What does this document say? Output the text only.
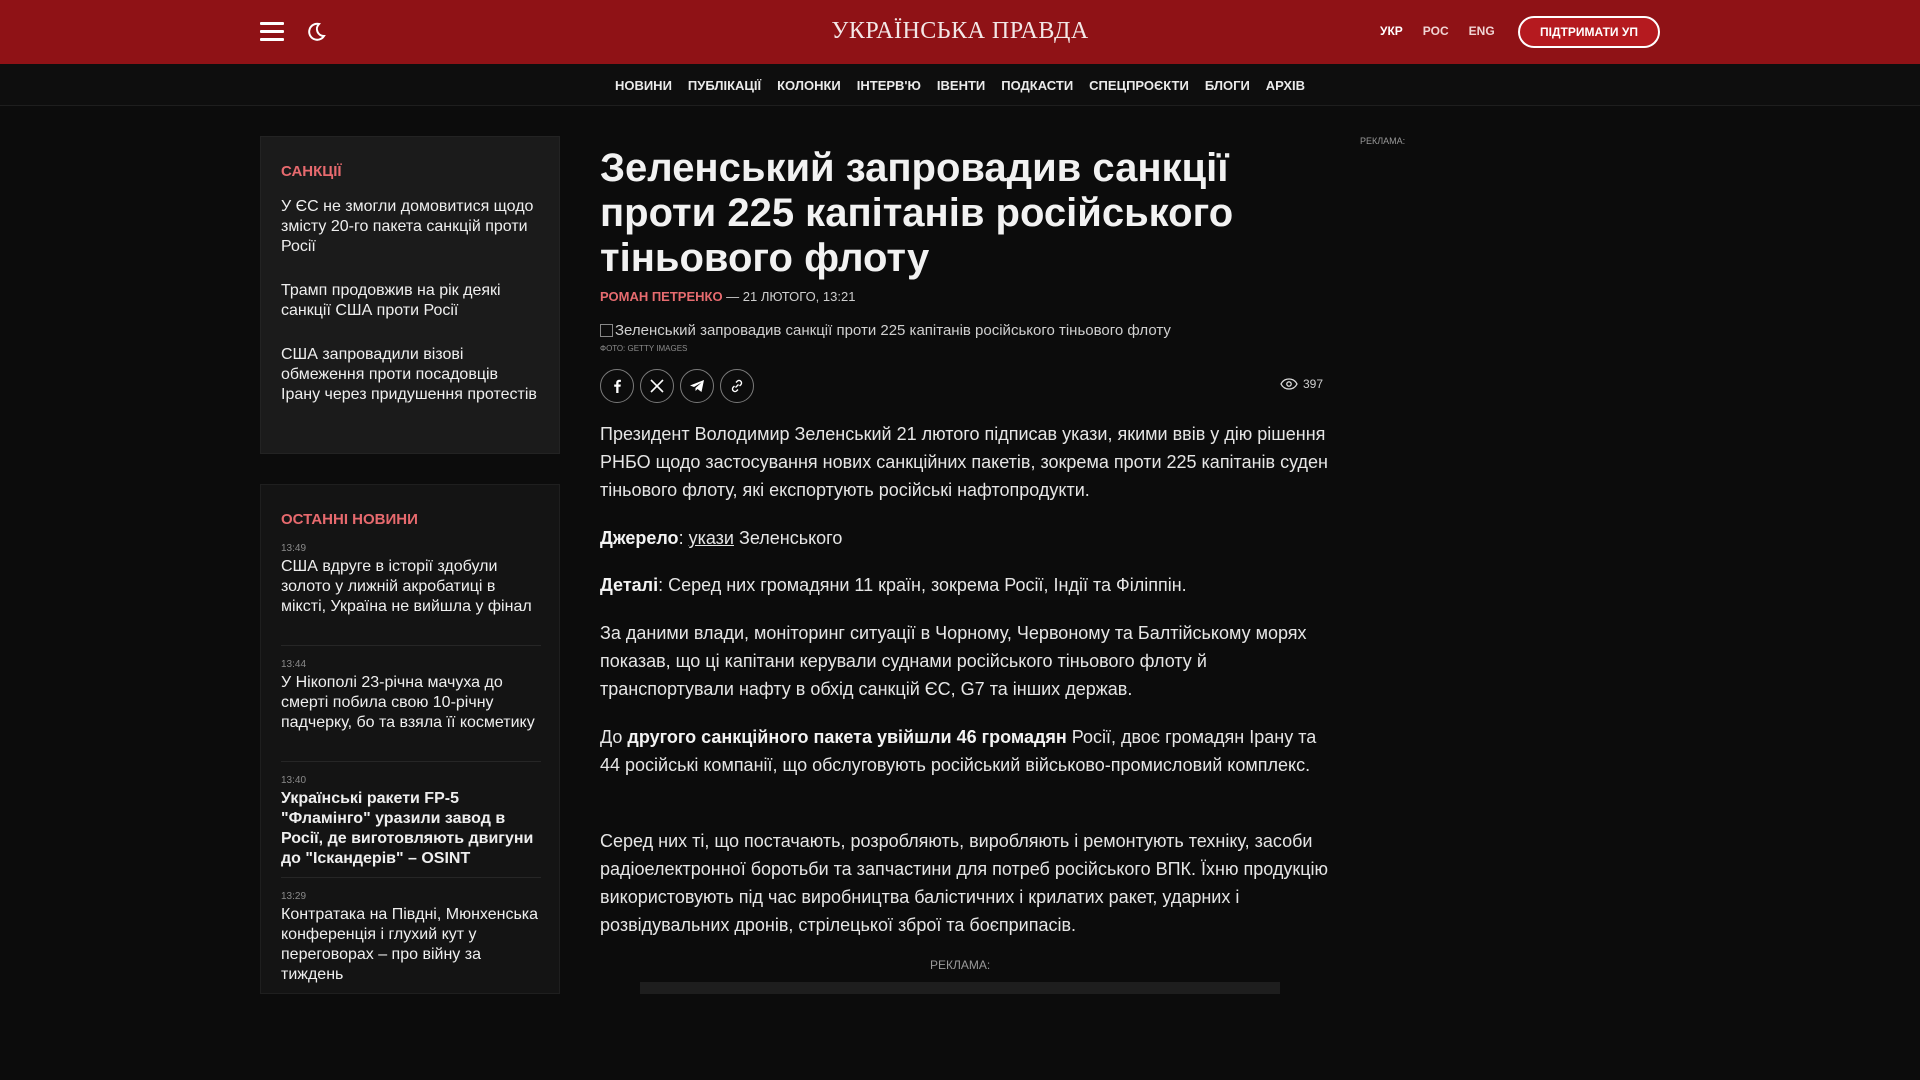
УКРАЇНСЬКА ПРАВДА	УКР РОС ENG	ПІДТРИМАТИ УП
НОВИНИ ПУБЛІКАЦІЇ КОЛОНКИ ІНТЕРВ'Ю ІВЕНТИ ПОДКАСТИ СПЕЦПРОЄКТИ БЛОГИ АРХІВ
САНКЦІЇ
У ЄС не змогли домовитися щодо змісту 20-го пакета санкцій проти Росії
Трамп продовжив на рік деякі санкції США проти Росії
США запровадили візові обмеження проти посадовців Ірану через придушення протестів
ОСТАННІ НОВИНИ
13:49
США вдруге в історії здобули золото у лижній акробатиці в мікстi, Україна не вийшла у фінал
13:44
У Нікополі 23-річна мачуха до смерті побила свою 10-річну падчерку, бо та взяла її косметику
13:40
Українські ракети FP-5 "Фламінго" уразили завод в Росії, де виготовляють двигуни до "Іскандерів" – OSINT
13:29
Контратака на Півдні, Мюнхенська конференція і глухий кут у переговорах – про війну за тиждень
Зеленський запровадив санкції проти 225 капітанів російського тіньового флоту
РОМАН ПЕТРЕНКО — 21 ЛЮТОГО, 13:21
Зеленський запровадив санкції проти 225 капітанів російського тіньового флоту
ФОТО: GETTY IMAGES
397
Президент Володимир Зеленський 21 лютого підписав укази, якими ввів у дію рішення РНБО щодо застосування нових санкційних пакетів, зокрема проти 225 капітанів суден тіньового флоту, які експортують російські нафтопродукти.
Джерело: укази Зеленського
Деталі: Серед них громадяни 11 країн, зокрема Росії, Індії та Філіппін.
За даними влади, моніторинг ситуації в Чорному, Червоному та Балтійському морях показав, що ці капітани керували суднами російського тіньового флоту й транспортували нафту в обхід санкцій ЄС, G7 та інших держав.
До другого санкційного пакета увійшли 46 громадян Росії, двоє громадян Ірану та 44 російські компанії, що обслуговують російський військово-промисловий комплекс.
Серед них ті, що постачають, розробляють, виробляють і ремонтують техніку, засоби радіоелектронної боротьби та запчастини для потреб російського ВПК. Їхню продукцію використовують під час виробництва балістичних і крилатих ракет, ударних і розвідувальних дронів, стрілецької зброї та боєприпасів.
РЕКЛАМА:
РЕКЛАМА:
